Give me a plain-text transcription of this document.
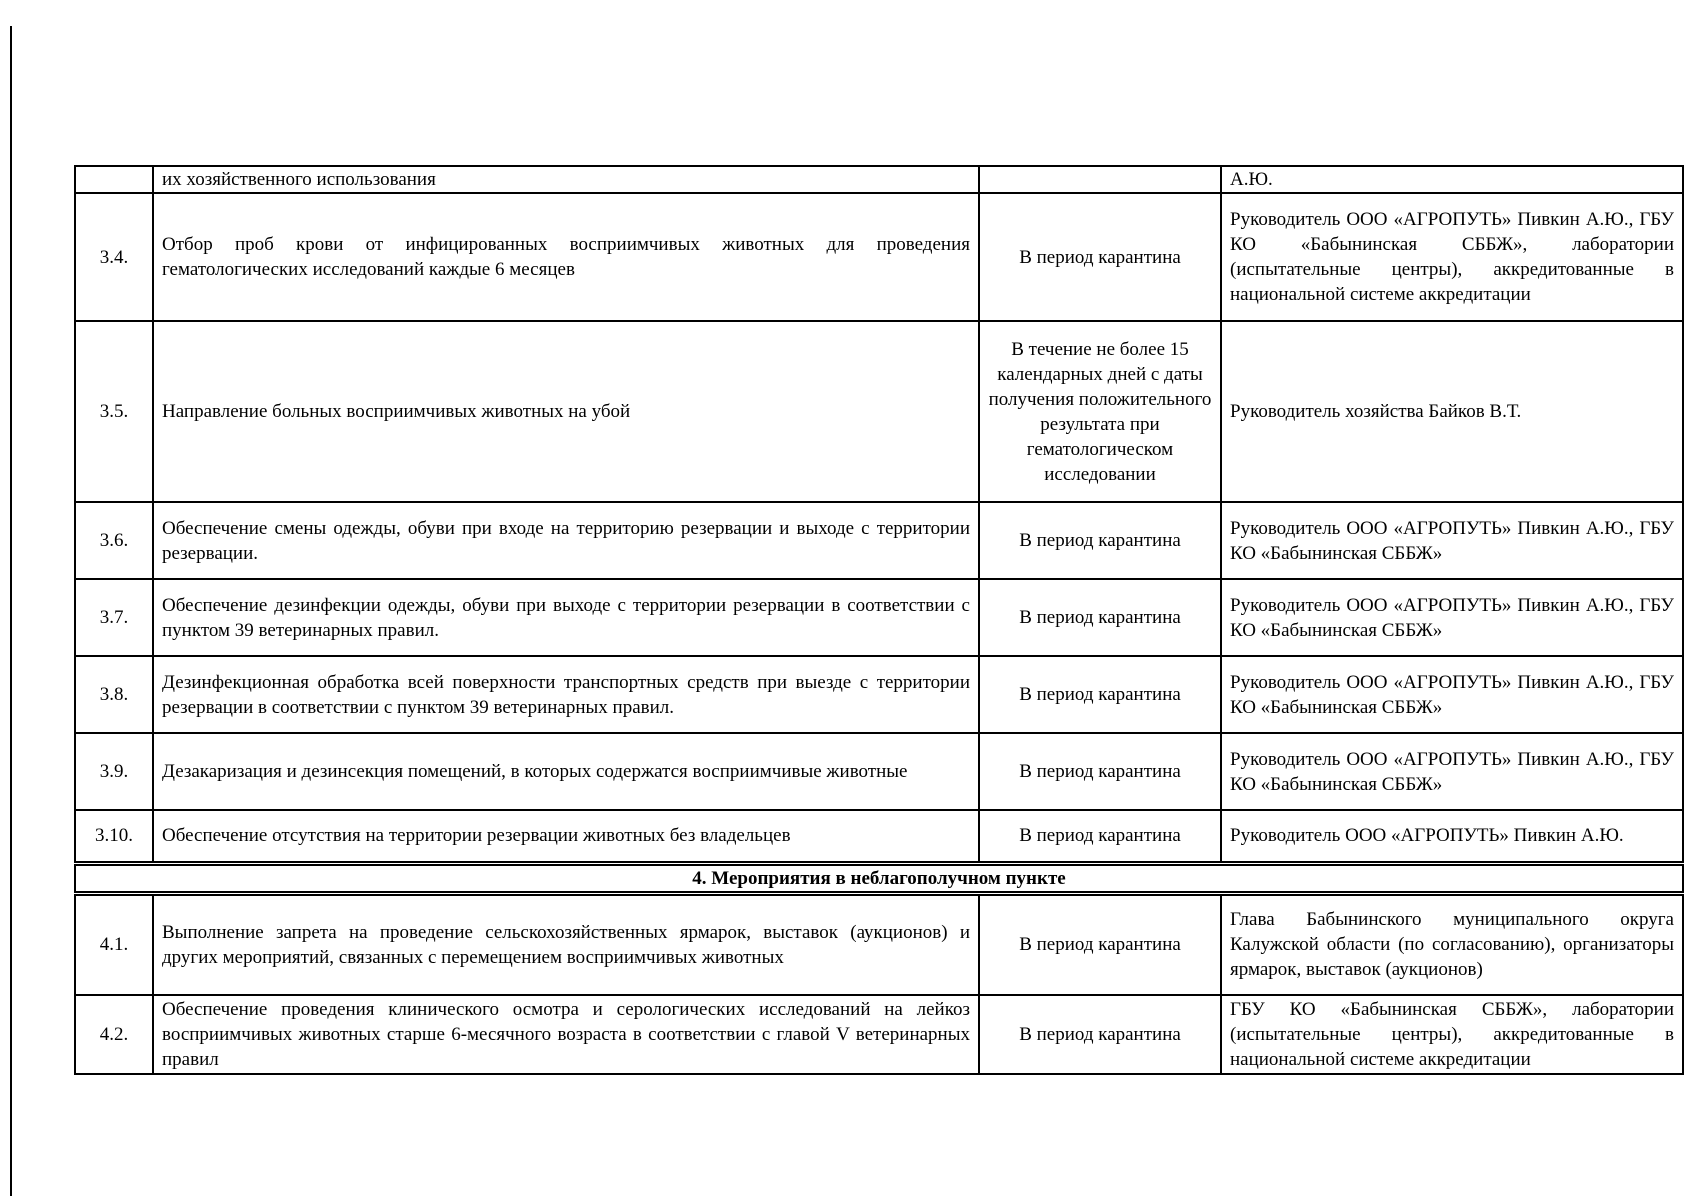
	их хозяйственного использования		А.Ю.
3.4.	Отбор проб крови от инфицированных восприимчивых животных для проведения гематологических исследований каждые 6 месяцев	В период карантина	Руководитель ООО «АГРОПУТЬ» Пивкин А.Ю., ГБУ КО «Бабынинская СББЖ», лаборатории (испытательные центры), аккредитованные в национальной системе аккредитации
3.5.	Направление больных восприимчивых животных на убой	В течение не более 15 календарных дней с даты получения положительного результата при гематологическом исследовании	Руководитель хозяйства Байков В.Т.
3.6.	Обеспечение смены одежды, обуви при входе на территорию резервации и выходе с территории резервации.	В период карантина	Руководитель ООО «АГРОПУТЬ» Пивкин А.Ю., ГБУ КО «Бабынинская СББЖ»
3.7.	Обеспечение дезинфекции одежды, обуви при выходе с территории резервации в соответствии с пунктом 39 ветеринарных правил.	В период карантина	Руководитель ООО «АГРОПУТЬ» Пивкин А.Ю., ГБУ КО «Бабынинская СББЖ»
3.8.	Дезинфекционная обработка всей поверхности транспортных средств при выезде с территории резервации в соответствии с пунктом 39 ветеринарных правил.	В период карантина	Руководитель ООО «АГРОПУТЬ» Пивкин А.Ю., ГБУ КО «Бабынинская СББЖ»
3.9.	Дезакаризация и дезинсекция помещений, в которых содержатся восприимчивые животные	В период карантина	Руководитель ООО «АГРОПУТЬ» Пивкин А.Ю., ГБУ КО «Бабынинская СББЖ»
3.10.	Обеспечение отсутствия на территории резервации животных без владельцев	В период карантина	Руководитель ООО «АГРОПУТЬ» Пивкин А.Ю.
4. Мероприятия в неблагополучном пункте			
4.1.	Выполнение запрета на проведение сельскохозяйственных ярмарок, выставок (аукционов) и других мероприятий, связанных с перемещением восприимчивых животных	В период карантина	Глава Бабынинского муниципального округа Калужской области (по согласованию), организаторы ярмарок, выставок (аукционов)
4.2.	Обеспечение проведения клинического осмотра и серологических исследований на лейкоз восприимчивых животных старше 6-месячного возраста в соответствии с главой V ветеринарных правил	В период карантина	ГБУ КО «Бабынинская СББЖ», лаборатории (испытательные центры), аккредитованные в национальной системе аккредитации
